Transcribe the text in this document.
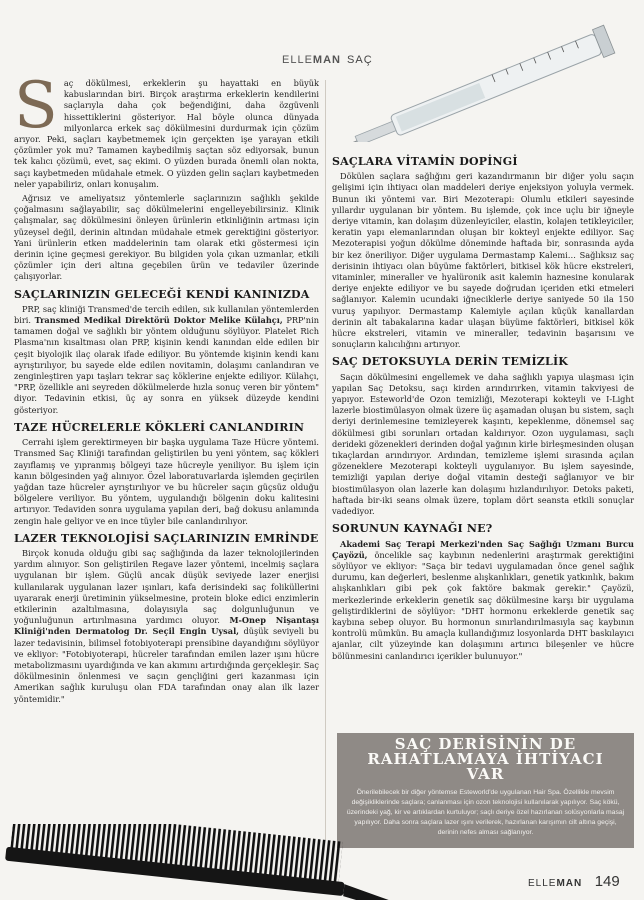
ELLEMAN SAÇ
S aç dökülmesi, erkeklerin şu hayattaki en büyük kabuslarından biri. Birçok araştırma erkeklerin kendilerini saçlarıyla daha çok beğendiğini, daha özgüvenli hissettiklerini gösteriyor. Hal böyle olunca dünyada milyonlarca erkek saç dökülmesini durdurmak için çözüm arıyor. Peki, saçları kaybetmemek için gerçekten işe yarayan etkili çözümler yok mu? Tamamen kaybedilmiş saçtan söz ediyorsak, bunun tek kalıcı çözümü, evet, saç ekimi. O yüzden burada önemli olan nokta, saçı kaybetmeden müdahale etmek. O yüzden gelin saçları kaybetmeden neler yapabiliriz, onları konuşalım.

Ağrısız ve ameliyatsız yöntemlerle saçlarınızın sağlıklı şekilde çoğalmasını sağlayabilir, saç dökülmelerini engelleyebilirsiniz. Klinik çalışmalar, saç dökülmesini önleyen ürünlerin etkinliğinin artması için yüzeysel değil, derinin altından müdahale etmek gerektiğini gösteriyor. Yani ürünlerin etken maddelerinin tam olarak etki göstermesi için derinin içine geçmesi gerekiyor. Bu bilgiden yola çıkan uzmanlar, etkili çözümler için deri altına geçebilen ürün ve tedaviler üzerinde çalışıyorlar.

SAÇLARINIZIN GELECEĞİ KENDİ KANINIZDA

PRP, saç kliniği Transmed'de tercih edilen, sık kullanılan yöntemlerden biri. Transmed Medikal Direktörü Doktor Melike Külahçı, PRP'nin tamamen doğal ve sağlıklı bir yöntem olduğunu söylüyor. Platelet Rich Plasma'nın kısaltması olan PRP, kişinin kendi kanından elde edilen bir çeşit biyolojik ilaç olarak ifade ediliyor. Bu yöntemde kişinin kendi kanı ayrıştırılıyor, bu sayede elde edilen novitamin, dolaşımı canlandıran ve zenginleştiren yapı taşları tekrar saç köklerine enjekte ediliyor. Külahçı, "PRP, özellikle ani seyreden dökülmelerde hızla sonuç veren bir yöntem" diyor. Tedavinin etkisi, üç ay sonra en yüksek düzeyde kendini gösteriyor.

TAZE HÜCRELERLE KÖKLERİ CANLANDIRIN

Cerrahi işlem gerektirmeyen bir başka uygulama Taze Hücre yöntemi. Transmed Saç Kliniği tarafından geliştirilen bu yeni yöntem, saç kökleri zayıflamış ve yıpranmış bölgeyi taze hücreyle yeniliyor. Bu işlem için kanın bölgesinden yağ alınıyor. Özel laboratuvarlarda işlemden geçirilen yağdan taze hücreler ayrıştırılıyor ve bu hücreler saçın güçsüz olduğu bölgelere veriliyor. Bu yöntem, uygulandığı bölgenin doku kalitesini artırıyor. Tedaviden sonra uygulama yapılan deri, bağ dokusu anlamında zengin hale geliyor ve en ince tüyler bile canlandırılıyor.

LAZER TEKNOLOJİSİ SAÇLARINIZIN EMRİNDE

Birçok konuda olduğu gibi saç sağlığında da lazer teknolojilerinden yardım alınıyor. Son geliştirilen Regave lazer yöntemi, incelmiş saçlara uygulanan bir işlem. Güçlü ancak düşük seviyede lazer enerjisi kullanılarak uygulanan lazer ışınları, kafa derisindeki saç foliküllerini uyararak enerji üretiminin yükselmesine, protein bloke edici enzimlerin etkilerinin azaltılmasına, dolayısıyla saç dolgunluğunun ve yoğunluğunun artırılmasına yardımcı oluyor. M-Onep Nişantaşı Kliniği'nden Dermatolog Dr. Seçil Engin Uysal, düşük seviyeli bu lazer tedavisinin, bilimsel fotobiyoterapi prensibine dayandığını söylüyor ve ekliyor: "Fotobiyoterapi, hücreler tarafından emilen lazer ışını hücre metabolizmasını uyardığında ve kan akımını artırdığında gerçekleşir. Saç dökülmesinin önlenmesi ve saçın gençliğini geri kazanması için Amerikan sağlık kuruluşu olan FDA tarafından onay alan ilk lazer yöntemidir."

SAÇLARA VİTAMİN DOPİNGİ

Dökülen saçlara sağlığını geri kazandırmanın bir diğer yolu saçın gelişimi için ihtiyacı olan maddeleri deriye enjeksiyon yoluyla vermek. Bunun iki yöntemi var. Biri Mezoterapi: Olumlu etkileri sayesinde yıllardır uygulanan bir yöntem. Bu işlemde, çok ince uçlu bir iğneyle deriye vitamin, kan dolaşım düzenleyiciler, elastin, kolajen tetikleyiciler, keratin yapı elemanlarından oluşan bir kokteyl enjekte ediliyor. Saç Mezoterapisi yoğun dökülme döneminde haftada bir, sonrasında ayda bir kez öneriliyor. Diğer uygulama Dermastamp Kalemi… Sağlıksız saç derisinin ihtiyacı olan büyüme faktörleri, bitkisel kök hücre ekstreleri, vitaminler, mineraller ve hyalüronik asit kalemin haznesine konularak deriye enjekte ediliyor ve bu sayede doğrudan içeriden etki etmeleri sağlanıyor. Kalemin ucundaki iğneciklerle deriye saniyede 50 ila 150 vuruş yapılıyor. Dermastamp Kalemiyle açılan küçük kanallardan derinin alt tabakalarına kadar ulaşan büyüme faktörleri, bitkisel kök hücre ekstreleri, vitamin ve mineraller, tedavinin başarısını ve sonuçların kalıcılığını artırıyor.

SAÇ DETOKSUYLA DERİN TEMİZLİK

Saçın dökülmesini engellemek ve daha sağlıklı yapıya ulaşması için yapılan Saç Detoksu, saçı kirden arındırırken, vitamin takviyesi de yapıyor. Esteworld'de Ozon temizliği, Mezoterapi kokteyli ve I-Light lazerle biostimülasyon olmak üzere üç aşamadan oluşan bu sistem, saçlı deriyi derinlemesine temizleyerek kaşıntı, kepeklenme, dönemsel saç dökülmesi gibi sorunları ortadan kaldırıyor. Ozon uygulaması, saçlı derideki gözenekleri derinden doğal yağının kirle birleşmesinden oluşan tıkaçlardan arındırıyor. Ardından, temizleme işlemi sırasında açılan gözeneklere Mezoterapi kokteyli uygulanıyor. Bu işlem sayesinde, temizliği yapılan deriye doğal vitamin desteği sağlanıyor ve bir biostimülasyon olan lazerle kan dolaşımı hızlandırılıyor. Detoks paketi, haftada bir-iki seans olmak üzere, toplam dört seansta etkili sonuçlar vadediyor.

SORUNUN KAYNAĞI NE?

Akademi Saç Terapi Merkezi'nden Saç Sağlığı Uzmanı Burcu Çayözü, öncelikle saç kaybının nedenlerini araştırmak gerektiğini söylüyor ve ekliyor: "Saça bir tedavi uygulamadan önce genel sağlık durumu, kan değerleri, beslenme alışkanlıkları, genetik yatkınlık, bakım alışkanlıkları gibi pek çok faktöre bakmak gerekir." Çayözü, merkezlerinde erkeklerin genetik saç dökülmesine karşı bir uygulama geliştirdiklerini de söylüyor: "DHT hormonu erkeklerde genetik saç kaybına sebep oluyor. Bu hormonun sınırlandırılmasıyla saç kaybının kontrolü mümkün. Bu amaçla kullandığımız losyonlarda DHT baskılayıcı ajanlar, cilt yüzeyinde kan dolaşımını artırıcı bileşenler ve hücre bölünmesini canlandırıcı içerikler bulunuyor."

SAÇ DERİSİNİN DE
RAHATLAMAYA İHTİYACI
VAR
Önerilebilecek bir diğer yöntemse Esteworld'de uygulanan Hair Spa. Özellikle mevsim değişikliklerinde saçlara; canlanması için ozon teknolojisi kullanılarak yapılıyor. Saç kökü, üzerindeki yağ, kir ve artıklardan kurtuluyor; saçlı deriye özel hazırlanan solüsyonlarla masaj yapılıyor. Daha sonra saçlara lazer ışını verilerek, hazırlanan karışımın cilt altına geçişi, derinin nefes alması sağlanıyor.
ELLEMAN 149
